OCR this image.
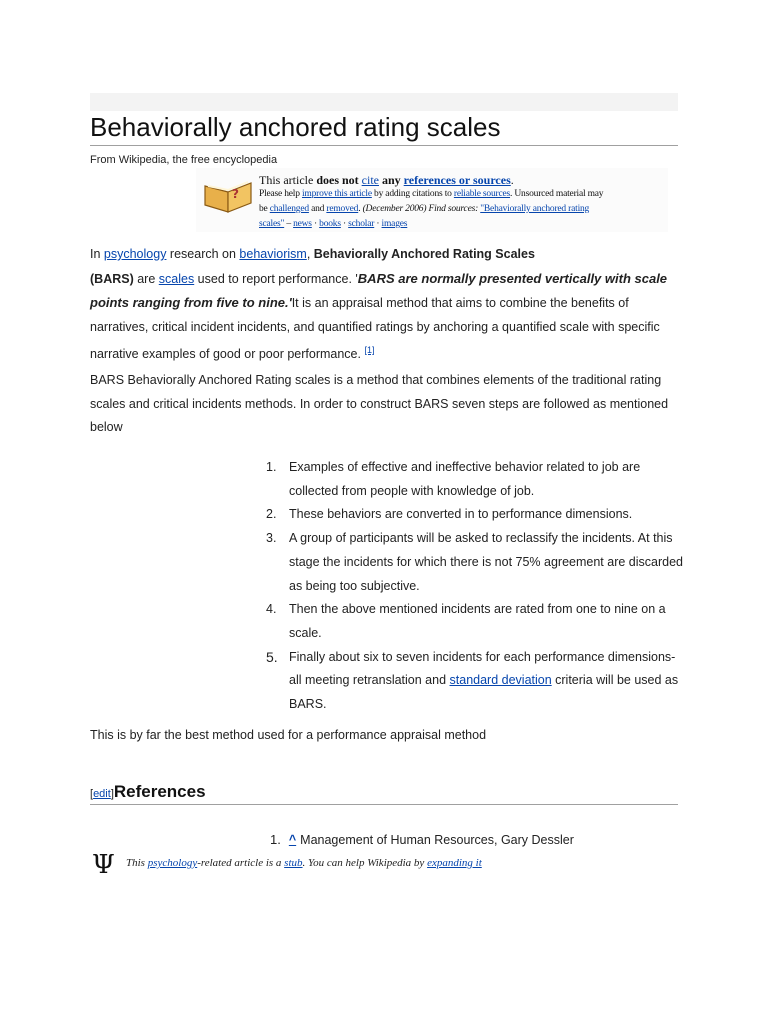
Behaviorally anchored rating scales
From Wikipedia, the free encyclopedia
?
This article does not cite any references or sources.
Please help improve this article by adding citations to reliable sources. Unsourced material may
be challenged and removed. (December 2006) Find sources: "Behaviorally anchored rating
scales" – news · books · scholar · images
In psychology research on behaviorism, Behaviorally Anchored Rating Scales
(BARS) are scales used to report performance. 'BARS are normally presented vertically with scale points ranging from five to nine.'It is an appraisal method that aims to combine the benefits of narratives, critical incident incidents, and quantified ratings by anchoring a quantified scale with specific narrative examples of good or poor performance. [1]
BARS Behaviorally Anchored Rating scales is a method that combines elements of the traditional rating scales and critical incidents methods. In order to construct BARS seven steps are followed as mentioned below
1. Examples of effective and ineffective behavior related to job are collected from people with knowledge of job.
2. These behaviors are converted in to performance dimensions.
3. A group of participants will be asked to reclassify the incidents. At this stage the incidents for which there is not 75% agreement are discarded as being too subjective.
4. Then the above mentioned incidents are rated from one to nine on a scale.
5. Finally about six to seven incidents for each performance dimensions- all meeting retranslation and standard deviation criteria will be used as BARS.
This is by far the best method used for a performance appraisal method
[edit]References
1. ^ Management of Human Resources, Gary Dessler
Ψ This psychology-related article is a stub. You can help Wikipedia by expanding it
